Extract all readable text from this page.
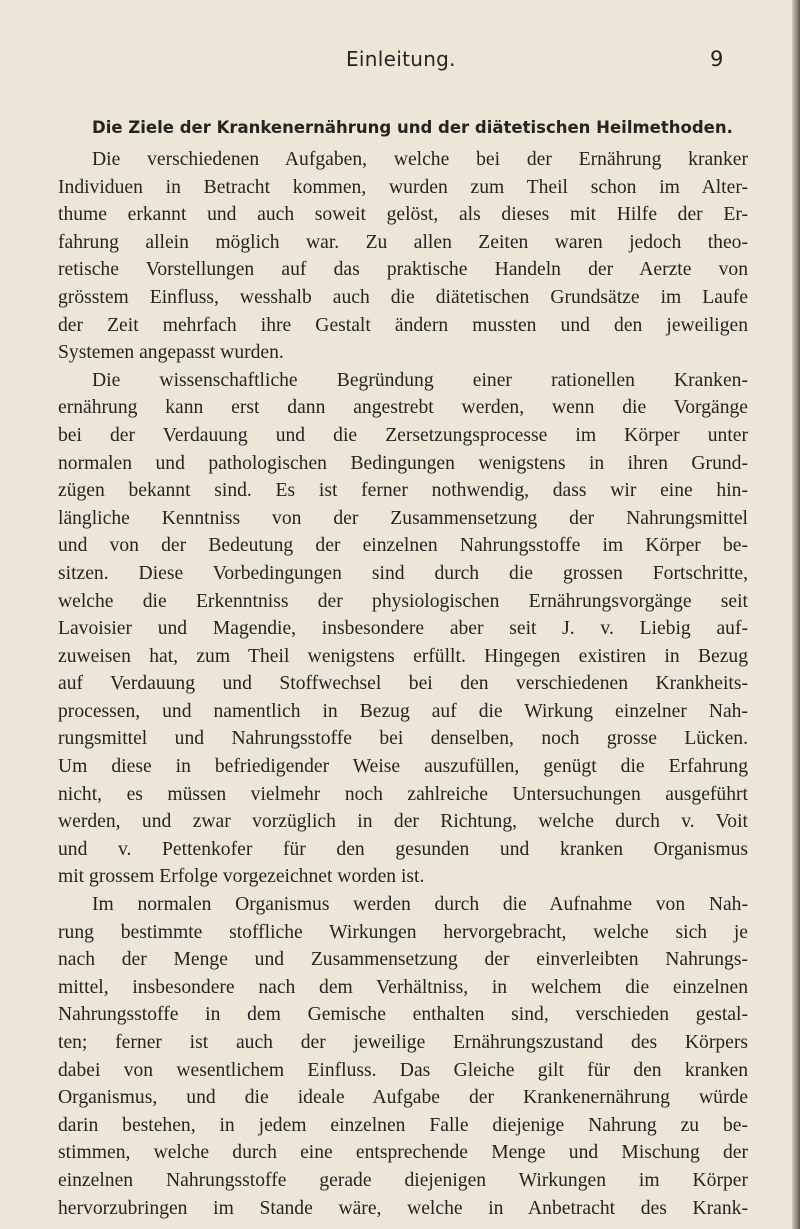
Einleitung.	9
Die Ziele der Krankenernährung und der diätetischen Heilmethoden.
Die verschiedenen Aufgaben, welche bei der Ernährung kranker
Individuen in Betracht kommen, wurden zum Theil schon im Alter-
thume erkannt und auch soweit gelöst, als dieses mit Hilfe der Er-
fahrung allein möglich war. Zu allen Zeiten waren jedoch theo-
retische Vorstellungen auf das praktische Handeln der Aerzte von
grösstem Einfluss, wesshalb auch die diätetischen Grundsätze im Laufe
der Zeit mehrfach ihre Gestalt ändern mussten und den jeweiligen
Systemen angepasst wurden.
Die wissenschaftliche Begründung einer rationellen Kranken-
ernährung kann erst dann angestrebt werden, wenn die Vorgänge
bei der Verdauung und die Zersetzungsprocesse im Körper unter
normalen und pathologischen Bedingungen wenigstens in ihren Grund-
zügen bekannt sind. Es ist ferner nothwendig, dass wir eine hin-
längliche Kenntniss von der Zusammensetzung der Nahrungsmittel
und von der Bedeutung der einzelnen Nahrungsstoffe im Körper be-
sitzen. Diese Vorbedingungen sind durch die grossen Fortschritte,
welche die Erkenntniss der physiologischen Ernährungsvorgänge seit
Lavoisier und Magendie, insbesondere aber seit J. v. Liebig auf-
zuweisen hat, zum Theil wenigstens erfüllt. Hingegen existiren in Bezug
auf Verdauung und Stoffwechsel bei den verschiedenen Krankheits-
processen, und namentlich in Bezug auf die Wirkung einzelner Nah-
rungsmittel und Nahrungsstoffe bei denselben, noch grosse Lücken.
Um diese in befriedigender Weise auszufüllen, genügt die Erfahrung
nicht, es müssen vielmehr noch zahlreiche Untersuchungen ausgeführt
werden, und zwar vorzüglich in der Richtung, welche durch v. Voit
und v. Pettenkofer für den gesunden und kranken Organismus
mit grossem Erfolge vorgezeichnet worden ist.
Im normalen Organismus werden durch die Aufnahme von Nah-
rung bestimmte stoffliche Wirkungen hervorgebracht, welche sich je
nach der Menge und Zusammensetzung der einverleibten Nahrungs-
mittel, insbesondere nach dem Verhältniss, in welchem die einzelnen
Nahrungsstoffe in dem Gemische enthalten sind, verschieden gestal-
ten; ferner ist auch der jeweilige Ernährungszustand des Körpers
dabei von wesentlichem Einfluss. Das Gleiche gilt für den kranken
Organismus, und die ideale Aufgabe der Krankenernährung würde
darin bestehen, in jedem einzelnen Falle diejenige Nahrung zu be-
stimmen, welche durch eine entsprechende Menge und Mischung der
einzelnen Nahrungsstoffe gerade diejenigen Wirkungen im Körper
hervorzubringen im Stande wäre, welche in Anbetracht des Krank-
